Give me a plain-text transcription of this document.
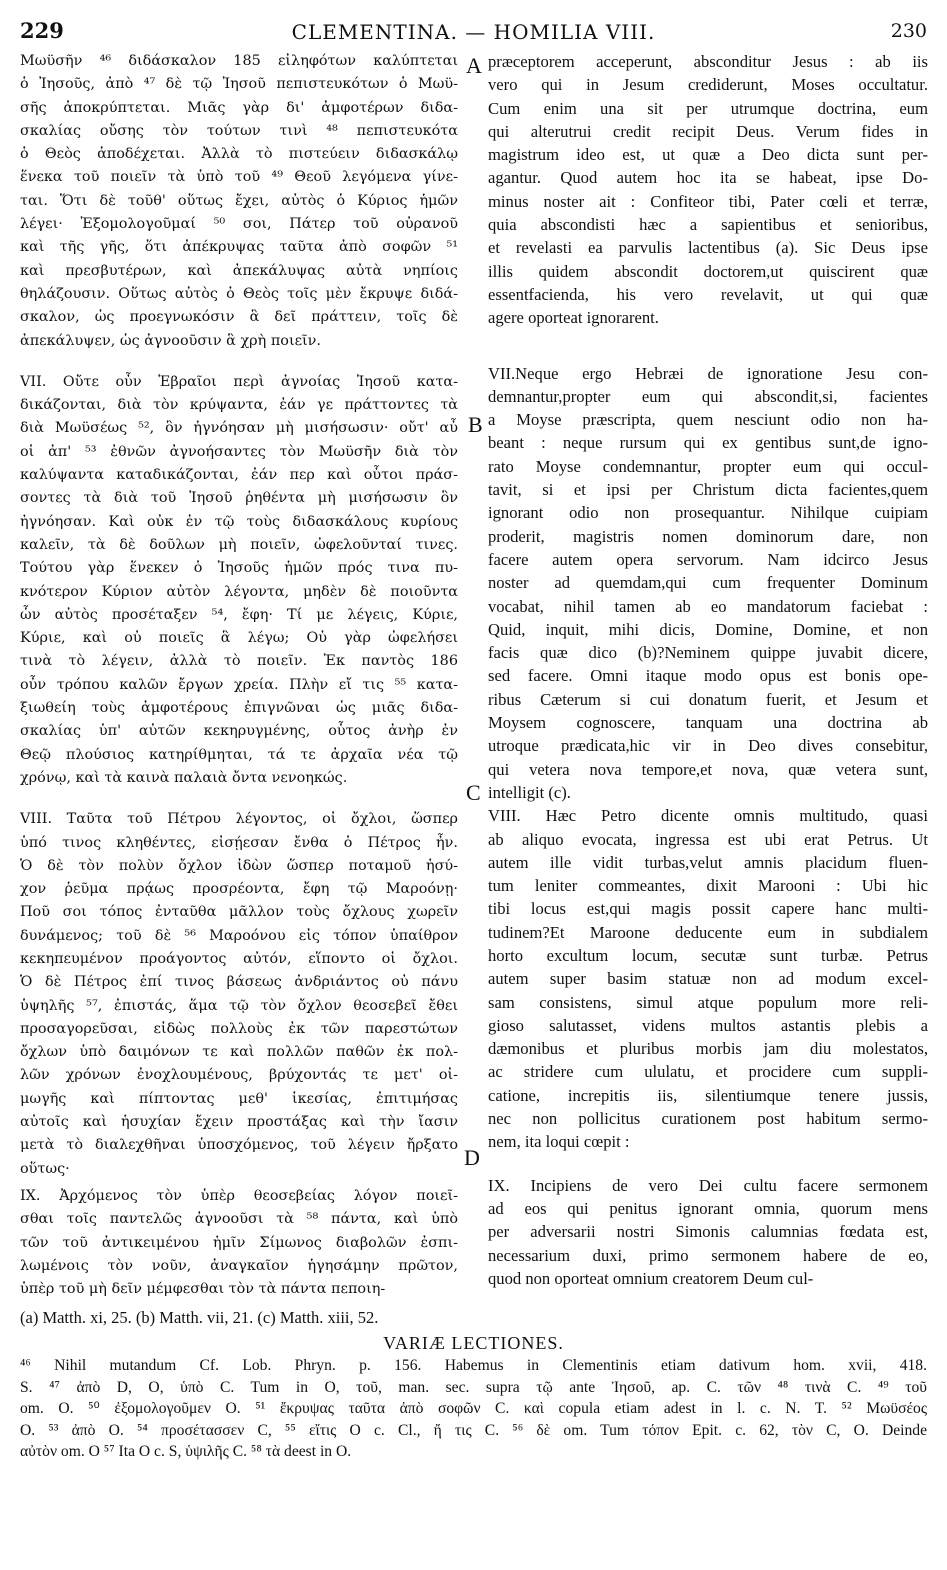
229	CLEMENTINA. — HOMILIA VIII.	230
Μωϋσῆν ⁴⁶ διδάσκαλον 185 εἰληφότων καλύπτεται
ὁ Ἰησοῦς, ἀπὸ ⁴⁷ δὲ τῷ Ἰησοῦ πεπιστευκότων ὁ Μωϋ-
σῆς ἀποκρύπτεται. Μιᾶς γὰρ δι' ἀμφοτέρων διδα-
σκαλίας οὔσης τὸν τούτων τινὶ ⁴⁸ πεπιστευκότα
ὁ Θεὸς ἀποδέχεται. Ἀλλὰ τὸ πιστεύειν διδασκάλῳ
ἕνεκα τοῦ ποιεῖν τὰ ὑπὸ τοῦ ⁴⁹ Θεοῦ λεγόμενα γίνε-
ται. Ὅτι δὲ τοῦθ' οὕτως ἔχει, αὐτὸς ὁ Κύριος ἡμῶν
λέγει· Ἐξομολογοῦμαί ⁵⁰ σοι, Πάτερ τοῦ οὐρανοῦ
καὶ τῆς γῆς, ὅτι ἀπέκρυψας ταῦτα ἀπὸ σοφῶν ⁵¹
καὶ πρεσβυτέρων, καὶ ἀπεκάλυψας αὐτὰ νηπίοις
θηλάζουσιν. Οὕτως αὐτὸς ὁ Θεὸς τοῖς μὲν ἔκρυψε διδά-
σκαλον, ὡς προεγνωκόσιν ἃ δεῖ πράττειν, τοῖς δὲ
ἀπεκάλυψεν, ὡς ἀγνοοῦσιν ἃ χρὴ ποιεῖν.
VII. Οὔτε οὖν Ἑβραῖοι περὶ ἀγνοίας Ἰησοῦ κατα-
δικάζονται, διὰ τὸν κρύψαντα, ἐάν γε πράττοντες τὰ
διὰ Μωϋσέως ⁵², ὃν ἠγνόησαν μὴ μισήσωσιν· οὔτ' αὖ
οἱ ἀπ' ⁵³ ἐθνῶν ἀγνοήσαντες τὸν Μωϋσῆν διὰ τὸν
καλύψαντα καταδικάζονται, ἐάν περ καὶ οὗτοι πράσ-
σοντες τὰ διὰ τοῦ Ἰησοῦ ῥηθέντα μὴ μισήσωσιν ὃν
ἠγνόησαν. Καὶ οὐκ ἐν τῷ τοὺς διδασκάλους κυρίους
καλεῖν, τὰ δὲ δοῦλων μὴ ποιεῖν, ὠφελοῦνταί τινες.
Τούτου γὰρ ἕνεκεν ὁ Ἰησοῦς ἡμῶν πρός τινα πυ-
κνότερον Κύριον αὐτὸν λέγοντα, μηδὲν δὲ ποιοῦντα
ὧν αὐτὸς προσέταξεν ⁵⁴, ἔφη· Τί με λέγεις, Κύριε,
Κύριε, καὶ οὐ ποιεῖς ἃ λέγω; Οὐ γὰρ ὠφελήσει
τινὰ τὸ λέγειν, ἀλλὰ τὸ ποιεῖν. Ἐκ παντὸς 186
οὖν τρόπου καλῶν ἔργων χρεία. Πλὴν εἴ τις ⁵⁵ κατα-
ξιωθείη τοὺς ἀμφοτέρους ἐπιγνῶναι ὡς μιᾶς διδα-
σκαλίας ὑπ' αὐτῶν κεκηρυγμένης, οὗτος ἀνὴρ ἐν
Θεῷ πλούσιος κατηρίθμηται, τά τε ἀρχαῖα νέα τῷ
χρόνῳ, καὶ τὰ καινὰ παλαιὰ ὄντα νενοηκώς.
VIII. Ταῦτα τοῦ Πέτρου λέγοντος, οἱ ὄχλοι, ὥσπερ
ὑπό τινος κληθέντες, εἰσῄεσαν ἔνθα ὁ Πέτρος ἦν.
Ὁ δὲ τὸν πολὺν ὄχλον ἰδὼν ὥσπερ ποταμοῦ ἡσύ-
χον ῥεῦμα πρᾴως προσρέοντα, ἔφη τῷ Μαροόνῃ·
Ποῦ σοι τόπος ἐνταῦθα μᾶλλον τοὺς ὄχλους χωρεῖν
δυνάμενος; τοῦ δὲ ⁵⁶ Μαροόνου εἰς τόπον ὑπαίθρον
κεκηπευμένον προάγοντος αὐτόν, εἵποντο οἱ ὄχλοι.
Ὁ δὲ Πέτρος ἐπί τινος βάσεως ἀνδριάντος οὐ πάνυ
ὑψηλῆς ⁵⁷, ἐπιστάς, ἅμα τῷ τὸν ὄχλον θεοσεβεῖ ἔθει
προσαγορεῦσαι, εἰδὼς πολλοὺς ἐκ τῶν παρεστώτων
ὄχλων ὑπὸ δαιμόνων τε καὶ πολλῶν παθῶν ἐκ πολ-
λῶν χρόνων ἐνοχλουμένους, βρύχοντάς τε μετ' οἰ-
μωγῆς καὶ πίπτοντας μεθ' ἱκεσίας, ἐπιτιμήσας
αὐτοῖς καὶ ἡσυχίαν ἔχειν προστάξας καὶ τὴν ἴασιν
μετὰ τὸ διαλεχθῆναι ὑποσχόμενος, τοῦ λέγειν ἤρξατο
οὕτως·
IX. Ἀρχόμενος τὸν ὑπὲρ θεοσεβείας λόγον ποιεῖ-
σθαι τοῖς παντελῶς ἀγνοοῦσι τὰ ⁵⁸ πάντα, καὶ ὑπὸ
τῶν τοῦ ἀντικειμένου ἡμῖν Σίμωνος διαβολῶν ἐσπι-
λωμένοις τὸν νοῦν, ἀναγκαῖον ἡγησάμην πρῶτον,
ὑπὲρ τοῦ μὴ δεῖν μέμφεσθαι τὸν τὰ πάντα πεποιη-
præceptorem acceperunt, absconditur Jesus : ab iis
vero qui in Jesum crediderunt, Moses occultatur.
Cum enim una sit per utrumque doctrina, eum
qui alterutrui credit recipit Deus. Verum fides in
magistrum ideo est, ut quæ a Deo dicta sunt per-
agantur. Quod autem hoc ita se habeat, ipse Do-
minus noster ait : Confiteor tibi, Pater cœli et terræ,
quia abscondisti hæc a sapientibus et senioribus,
et revelasti ea parvulis lactentibus (a). Sic Deus ipse
illis quidem abscondit doctorem,ut quiscirent quæ
essentfacienda, his vero revelavit, ut qui quæ
agere oporteat ignorarent.
VII.Neque ergo Hebræi de ignoratione Jesu con-
demnantur,propter eum qui abscondit,si, facientes
a Moyse præscripta, quem nesciunt odio non ha-
beant : neque rursum qui ex gentibus sunt,de igno-
rato Moyse condemnantur, propter eum qui occul-
tavit, si et ipsi per Christum dicta facientes,quem
ignorant odio non prosequantur. Nihilque cuipiam
proderit, magistris nomen dominorum dare, non
facere autem opera servorum. Nam idcirco Jesus
noster ad quemdam,qui cum frequenter Dominum
vocabat, nihil tamen ab eo mandatorum faciebat :
Quid, inquit, mihi dicis, Domine, Domine, et non
facis quæ dico (b)?Neminem quippe juvabit dicere,
sed facere. Omni itaque modo opus est bonis ope-
ribus Cæterum si cui donatum fuerit, et Jesum et
Moysem cognoscere, tanquam una doctrina ab
utroque prædicata,hic vir in Deo dives consebitur,
qui vetera nova tempore,et nova, quæ vetera sunt,
intelligit (c).
VIII. Hæc Petro dicente omnis multitudo, quasi
ab aliquo evocata, ingressa est ubi erat Petrus. Ut
autem ille vidit turbas,velut amnis placidum fluen-
tum leniter commeantes, dixit Marooni : Ubi hic
tibi locus est,qui magis possit capere hanc multi-
tudinem?Et Maroone deducente eum in subdialem
horto excultum locum, secutæ sunt turbæ. Petrus
autem super basim statuæ non ad modum excel-
sam consistens, simul atque populum more reli-
gioso salutasset, videns multos astantis plebis a
dæmonibus et pluribus morbis jam diu molestatos,
ac stridere cum ululatu, et procidere cum suppli-
catione, increpitis iis, silentiumque tenere jussis,
nec non pollicitus curationem post habitum sermo-
nem, ita loqui cœpit :
IX. Incipiens de vero Dei cultu facere sermonem
ad eos qui penitus ignorant omnia, quorum mens
per adversarii nostri Simonis calumnias fœdata est,
necessarium duxi, primo sermonem habere de eo,
quod non oporteat omnium creatorem Deum cul-
A
B
C
D
(a) Matth. xi, 25. (b) Matth. vii, 21. (c) Matth. xiii, 52.
VARIÆ LECTIONES.
⁴⁶ Nihil mutandum Cf. Lob. Phryn. p. 156. Habemus in Clementinis etiam dativum hom. xvii, 418.
S. ⁴⁷ ἀπὸ D, O, ὑπὸ C. Tum in O, τοῦ, man. sec. supra τῷ ante Ἰησοῦ, ap. C. τῶν ⁴⁸ τινὰ C. ⁴⁹ τοῦ
om. O. ⁵⁰ ἐξομολογοῦμεν O. ⁵¹ ἔκρυψας ταῦτα ἀπὸ σοφῶν C. καὶ copula etiam adest in l. c. N. T. ⁵² Μωϋσέος
O. ⁵³ ἀπὸ O. ⁵⁴ προσέτασσεν C, ⁵⁵ εἴτις O c. Cl., ἤ τις C. ⁵⁶ δὲ om. Tum τόπον Epit. c. 62, τὸν C, O. Deinde
αὐτὸν om. O ⁵⁷ Ita O c. S, ὑψιλῆς C. ⁵⁸ τὰ deest in O.
